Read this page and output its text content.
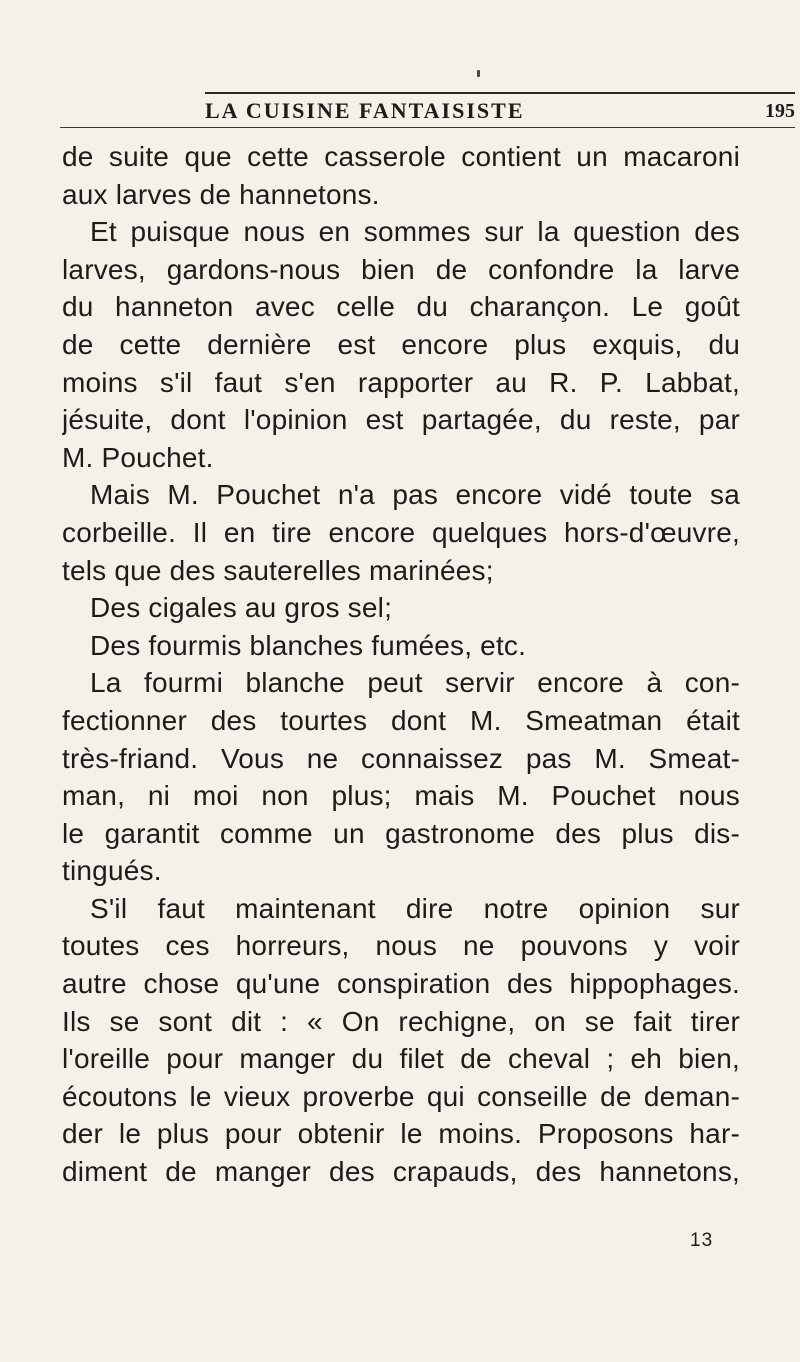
LA CUISINE FANTAISISTE	195
de suite que cette casserole contient un macaroni
aux larves de hannetons.
Et puisque nous en sommes sur la question des
larves, gardons-nous bien de confondre la larve
du hanneton avec celle du charançon. Le goût
de cette dernière est encore plus exquis, du
moins s'il faut s'en rapporter au R. P. Labbat,
jésuite, dont l'opinion est partagée, du reste, par
M. Pouchet.
Mais M. Pouchet n'a pas encore vidé toute sa
corbeille. Il en tire encore quelques hors-d'œuvre,
tels que des sauterelles marinées;
Des cigales au gros sel;
Des fourmis blanches fumées, etc.
La fourmi blanche peut servir encore à con-
fectionner des tourtes dont M. Smeatman était
très-friand. Vous ne connaissez pas M. Smeat-
man, ni moi non plus; mais M. Pouchet nous
le garantit comme un gastronome des plus dis-
tingués.
S'il faut maintenant dire notre opinion sur
toutes ces horreurs, nous ne pouvons y voir
autre chose qu'une conspiration des hippophages.
Ils se sont dit : « On rechigne, on se fait tirer
l'oreille pour manger du filet de cheval ; eh bien,
écoutons le vieux proverbe qui conseille de deman-
der le plus pour obtenir le moins. Proposons har-
diment de manger des crapauds, des hannetons,
13
